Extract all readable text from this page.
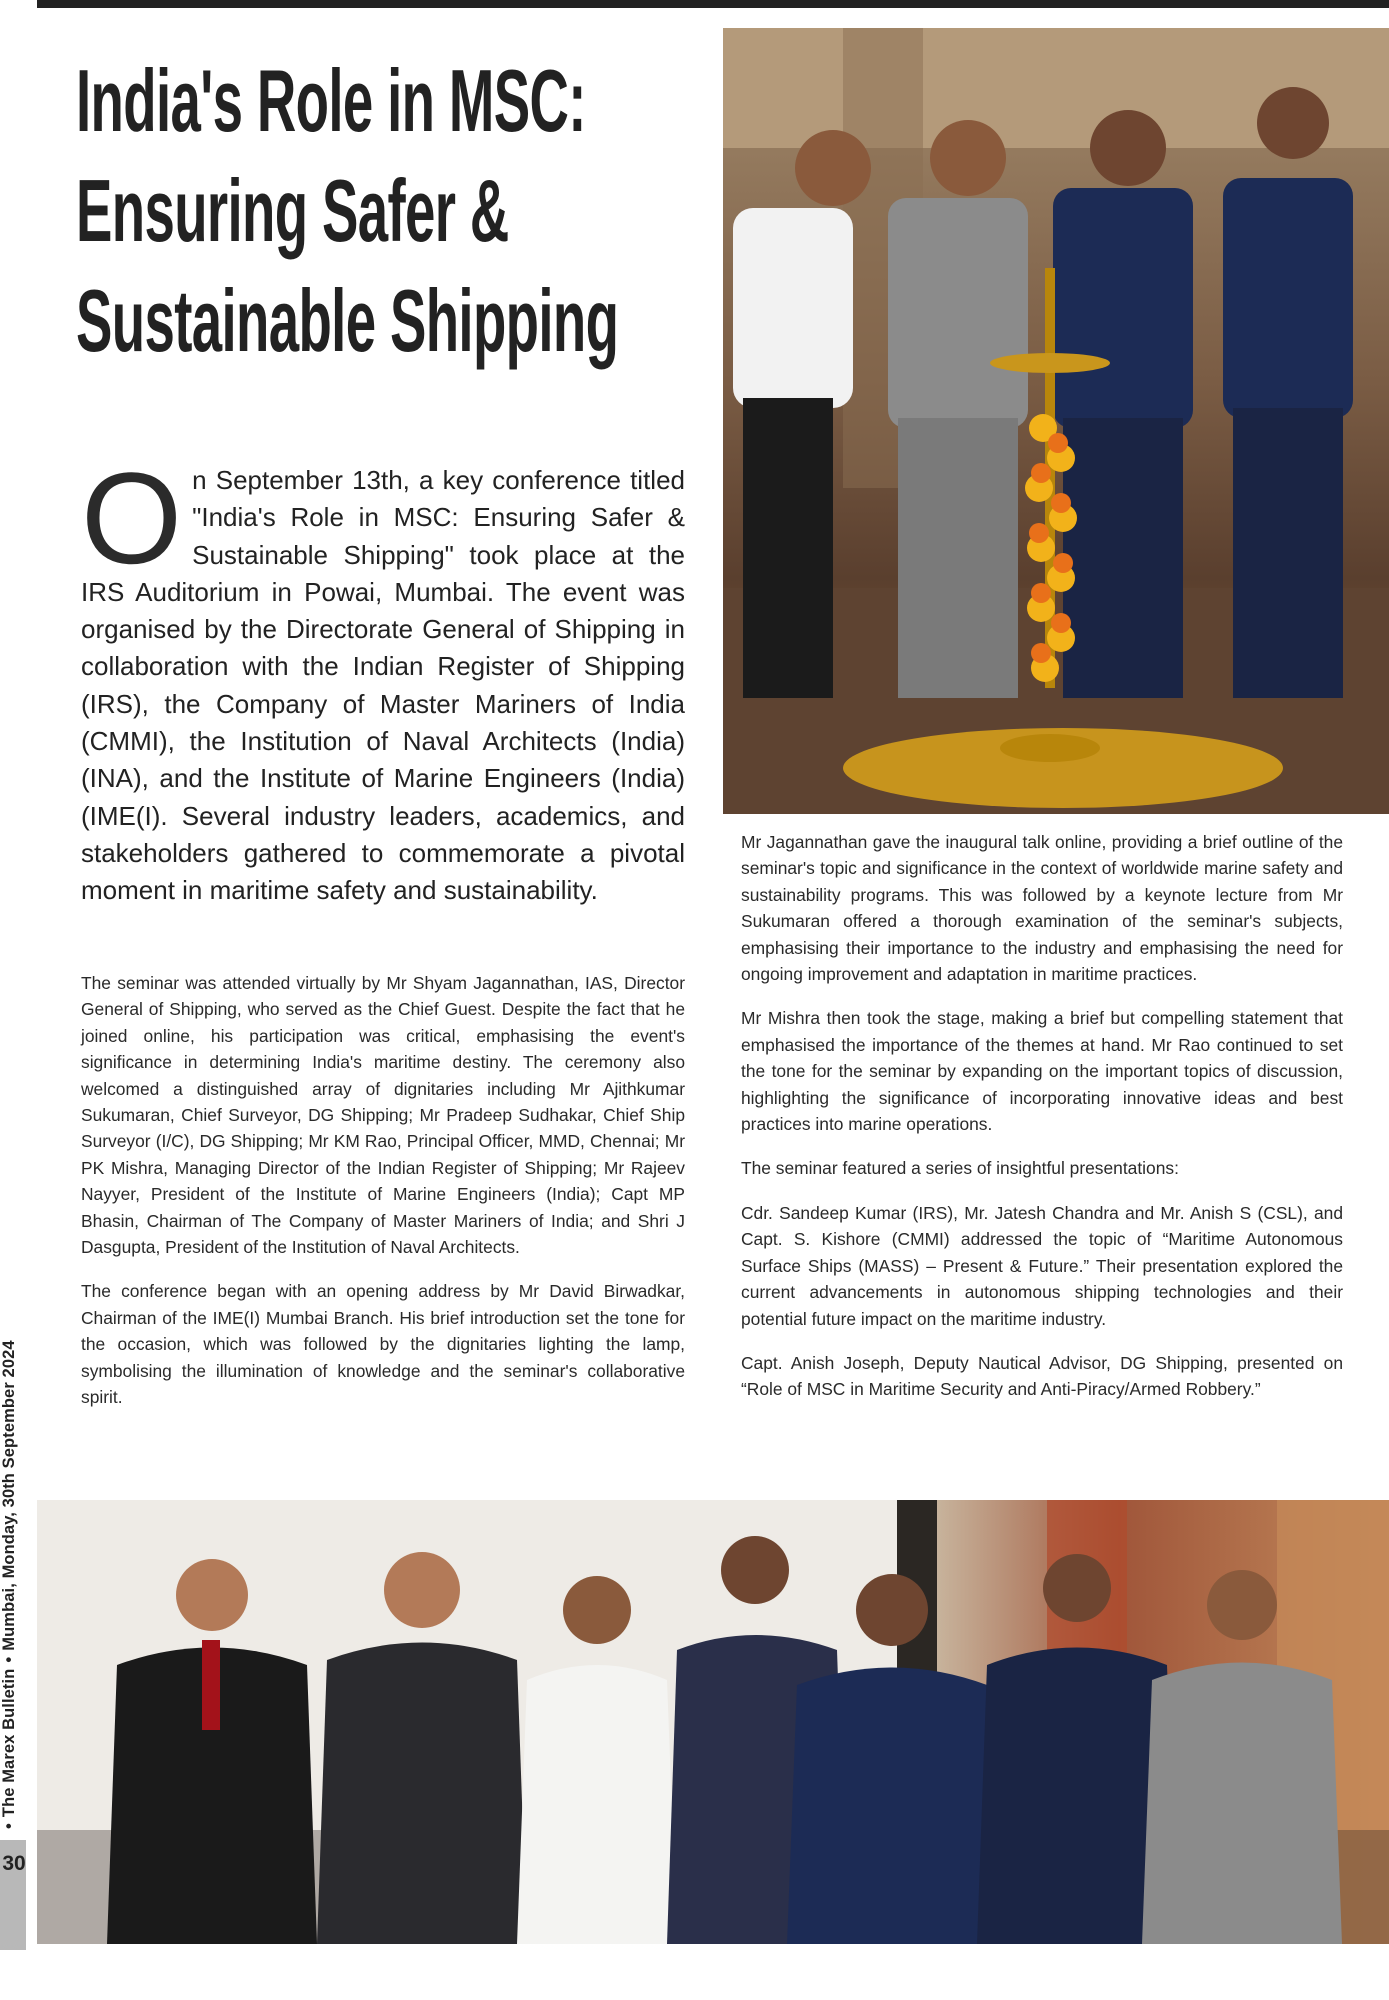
India's Role in MSC:
Ensuring Safer &
Sustainable Shipping
On September 13th, a key conference titled "India's Role in MSC: Ensuring Safer & Sustainable Shipping" took place at the IRS Auditorium in Powai, Mumbai. The event was organised by the Directorate General of Shipping in collaboration with the Indian Register of Shipping (IRS), the Company of Master Mariners of India (CMMI), the Institution of Naval Architects (India) (INA), and the Institute of Marine Engineers (India) (IME(I). Several industry leaders, academics, and stakeholders gathered to commemorate a pivotal moment in maritime safety and sustainability.

The seminar was attended virtually by Mr Shyam Jagannathan, IAS, Director General of Shipping, who served as the Chief Guest. Despite the fact that he joined online, his participation was critical, emphasising the event's significance in determining India's maritime destiny. The ceremony also welcomed a distinguished array of dignitaries including Mr Ajithkumar Sukumaran, Chief Surveyor, DG Shipping; Mr Pradeep Sudhakar, Chief Ship Surveyor (I/C), DG Shipping; Mr KM Rao, Principal Officer, MMD, Chennai; Mr PK Mishra, Managing Director of the Indian Register of Shipping; Mr Rajeev Nayyer, President of the Institute of Marine Engineers (India); Capt MP Bhasin, Chairman of The Company of Master Mariners of India; and Shri J Dasgupta, President of the Institution of Naval Architects.

The conference began with an opening address by Mr David Birwadkar, Chairman of the IME(I) Mumbai Branch. His brief introduction set the tone for the occasion, which was followed by the dignitaries lighting the lamp, symbolising the illumination of knowledge and the seminar's collaborative spirit.

Mr Jagannathan gave the inaugural talk online, providing a brief outline of the seminar's topic and significance in the context of worldwide marine safety and sustainability programs. This was followed by a keynote lecture from Mr Sukumaran offered a thorough examination of the seminar's subjects, emphasising their importance to the industry and emphasising the need for ongoing improvement and adaptation in maritime practices.

Mr Mishra then took the stage, making a brief but compelling statement that emphasised the importance of the themes at hand. Mr Rao continued to set the tone for the seminar by expanding on the important topics of discussion, highlighting the significance of incorporating innovative ideas and best practices into marine operations.

The seminar featured a series of insightful presentations:

Cdr. Sandeep Kumar (IRS), Mr. Jatesh Chandra and Mr. Anish S (CSL), and Capt. S. Kishore (CMMI) addressed the topic of “Maritime Autonomous Surface Ships (MASS) – Present & Future.” Their presentation explored the current advancements in autonomous shipping technologies and their potential future impact on the maritime industry.

Capt. Anish Joseph, Deputy Nautical Advisor, DG Shipping, presented on “Role of MSC in Maritime Security and Anti-Piracy/Armed Robbery.”

30
•The Marex Bulletin•Mumbai, Monday, 30th September 2024
